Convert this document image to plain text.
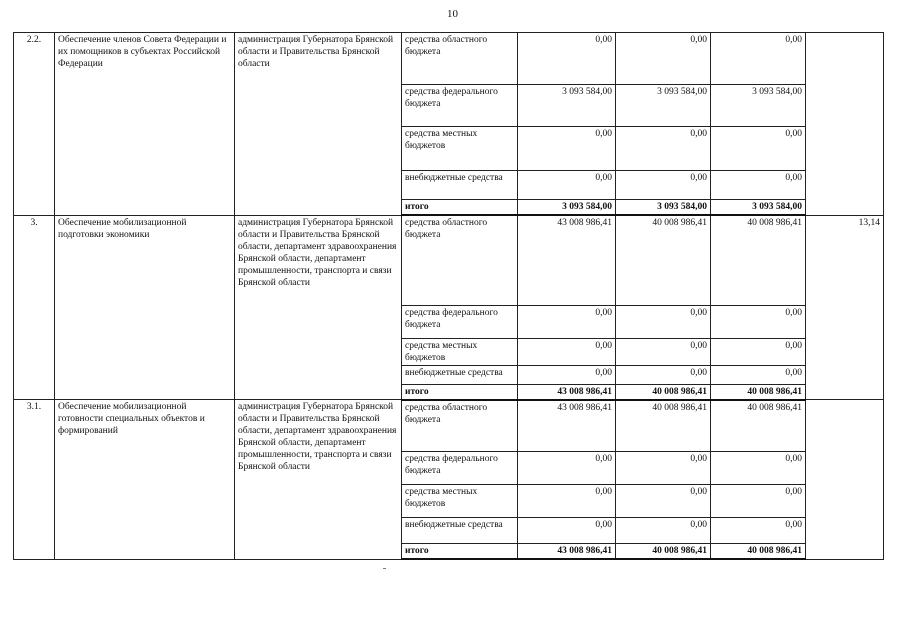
10
2.2.	Обеспечение членов Совета Федерации и их помощников в субъектах Российской Федерации	администрация Губернатора Брянской области и Правительства Брянской области	средства областного бюджета	0,00	0,00	0,00	
			средства федерального бюджета	3 093 584,00	3 093 584,00	3 093 584,00	
			средства местных бюджетов	0,00	0,00	0,00	
			внебюджетные средства	0,00	0,00	0,00	
			итого	3 093 584,00	3 093 584,00	3 093 584,00	
3.	Обеспечение мобилизационной подготовки экономики	администрация Губернатора Брянской области и Правительства Брянской области, департамент здравоохранения Брянской области, департамент промышленности, транспорта и связи Брянской области	средства областного бюджета	43 008 986,41	40 008 986,41	40 008 986,41	13,14
			средства федерального бюджета	0,00	0,00	0,00	
			средства местных бюджетов	0,00	0,00	0,00	
			внебюджетные средства	0,00	0,00	0,00	
			итого	43 008 986,41	40 008 986,41	40 008 986,41	
3.1.	Обеспечение мобилизационной готовности специальных объектов и формирований	администрация Губернатора Брянской области и Правительства Брянской области, департамент здравоохранения Брянской области, департамент промышленности, транспорта и связи Брянской области	средства областного бюджета	43 008 986,41	40 008 986,41	40 008 986,41	
			средства федерального бюджета	0,00	0,00	0,00	
			средства местных бюджетов	0,00	0,00	0,00	
			внебюджетные средства	0,00	0,00	0,00	
			итого	43 008 986,41	40 008 986,41	40 008 986,41	
